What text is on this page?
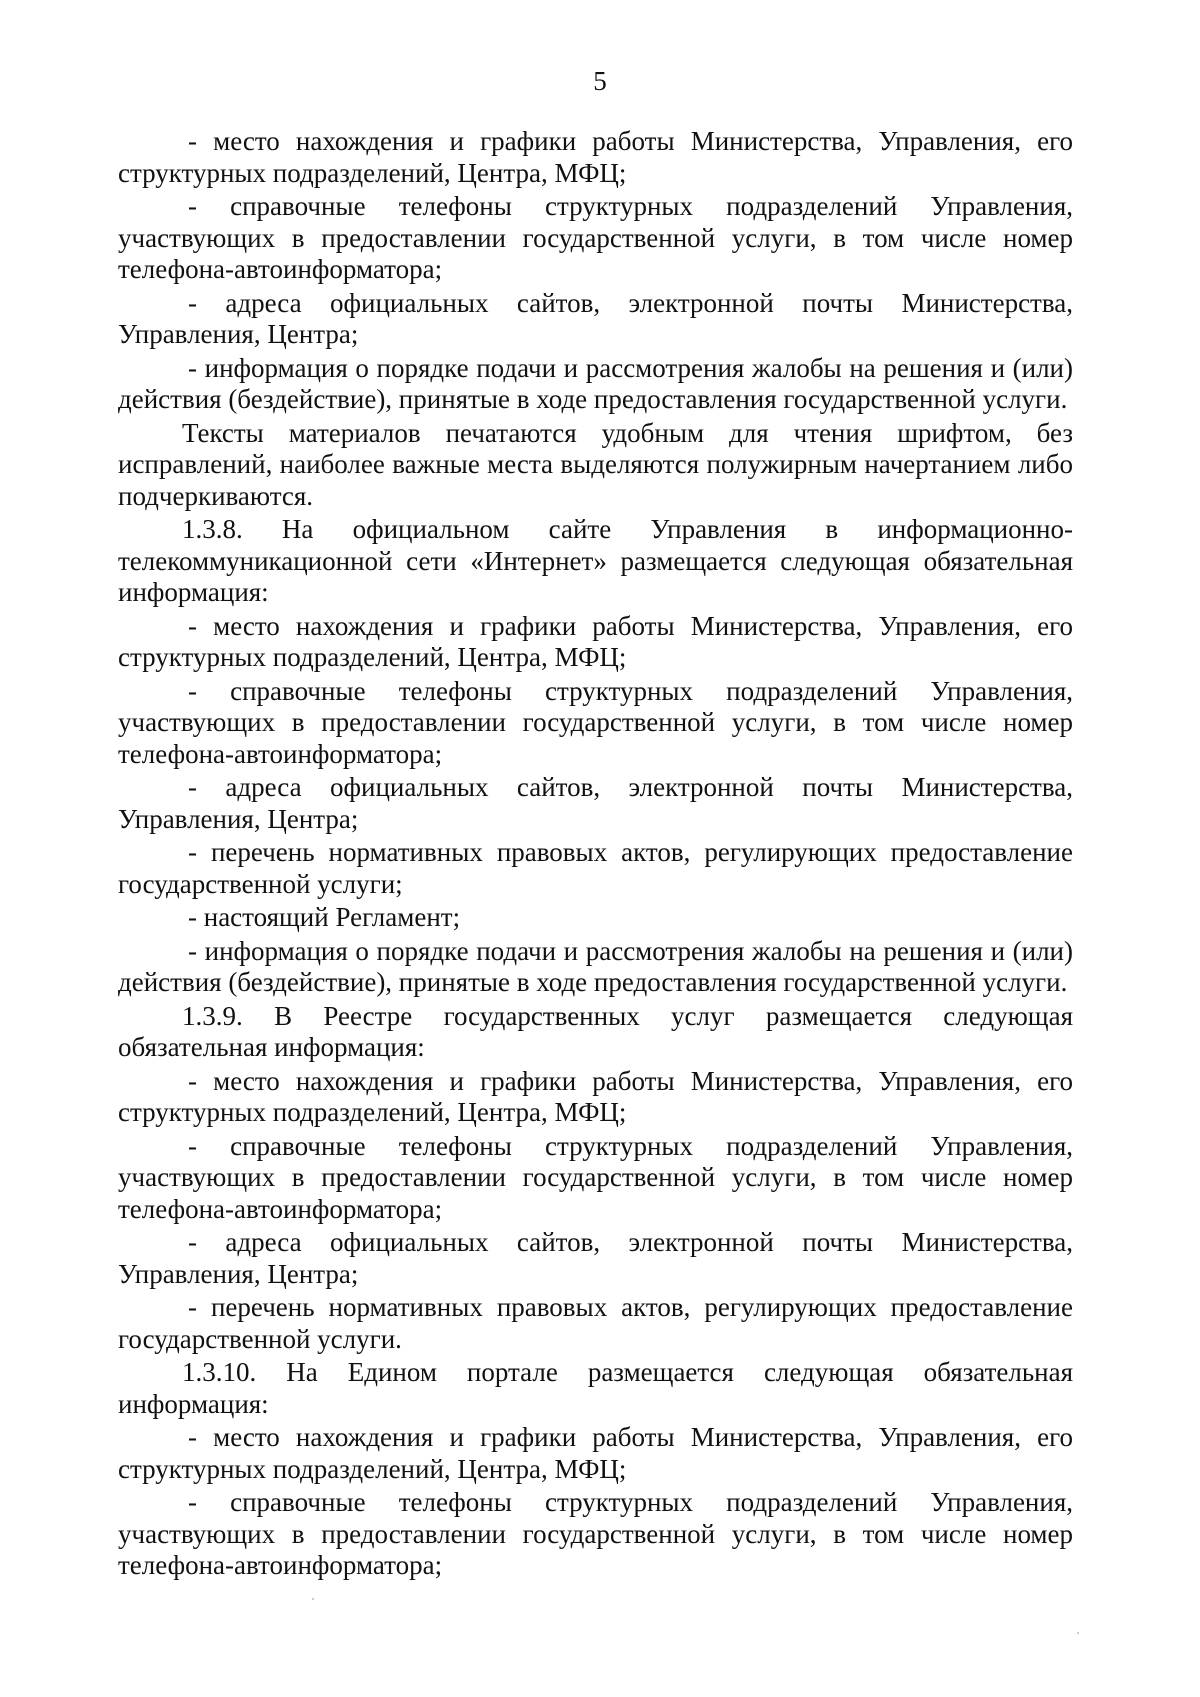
5

- место нахождения и графики работы Министерства, Управления, его структурных подразделений, Центра, МФЦ;

- справочные телефоны структурных подразделений Управления, участвующих в предоставлении государственной услуги, в том числе номер телефона-автоинформатора;

- адреса официальных сайтов, электронной почты Министерства, Управления, Центра;

- информация о порядке подачи и рассмотрения жалобы на решения и (или) действия (бездействие), принятые в ходе предоставления государственной услуги.

Тексты материалов печатаются удобным для чтения шрифтом, без исправлений, наиболее важные места выделяются полужирным начертанием либо подчеркиваются.

1.3.8. На официальном сайте Управления в информационно-телекоммуникационной сети «Интернет» размещается следующая обязательная информация:

- место нахождения и графики работы Министерства, Управления, его структурных подразделений, Центра, МФЦ;

- справочные телефоны структурных подразделений Управления, участвующих в предоставлении государственной услуги, в том числе номер телефона-автоинформатора;

- адреса официальных сайтов, электронной почты Министерства, Управления, Центра;

- перечень нормативных правовых актов, регулирующих предоставление государственной услуги;

- настоящий Регламент;

- информация о порядке подачи и рассмотрения жалобы на решения и (или) действия (бездействие), принятые в ходе предоставления государственной услуги.

1.3.9. В Реестре государственных услуг размещается следующая обязательная информация:

- место нахождения и графики работы Министерства, Управления, его структурных подразделений, Центра, МФЦ;

- справочные телефоны структурных подразделений Управления, участвующих в предоставлении государственной услуги, в том числе номер телефона-автоинформатора;

- адреса официальных сайтов, электронной почты Министерства, Управления, Центра;

- перечень нормативных правовых актов, регулирующих предоставление государственной услуги.

1.3.10. На Едином портале размещается следующая обязательная информация:

- место нахождения и графики работы Министерства, Управления, его структурных подразделений, Центра, МФЦ;

- справочные телефоны структурных подразделений Управления, участвующих в предоставлении государственной услуги, в том числе номер телефона-автоинформатора;
